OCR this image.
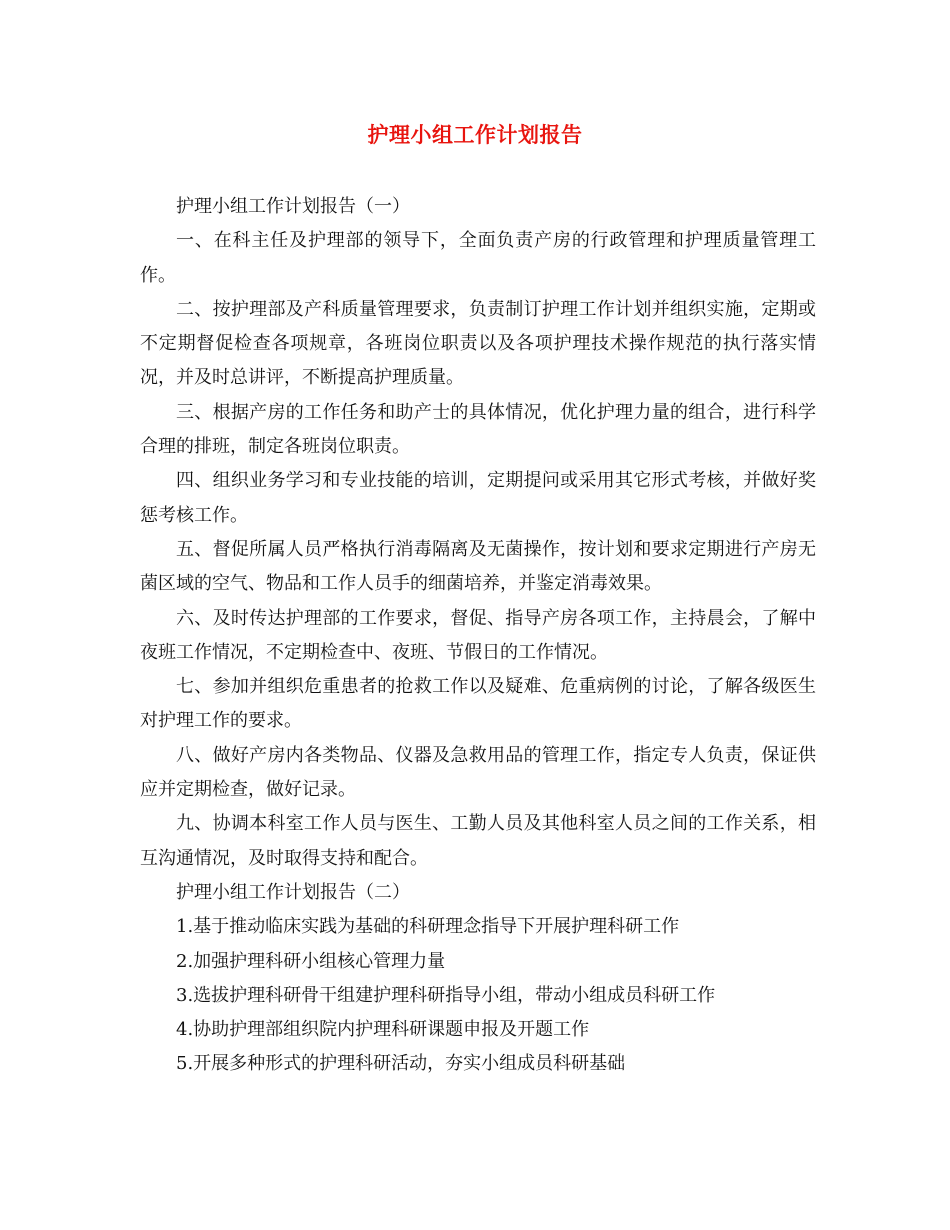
护理小组工作计划报告

护理小组工作计划报告（一）

一、在科主任及护理部的领导下，全面负责产房的行政管理和护理质量管理工作。

二、按护理部及产科质量管理要求，负责制订护理工作计划并组织实施，定期或不定期督促检查各项规章，各班岗位职责以及各项护理技术操作规范的执行落实情况，并及时总讲评，不断提高护理质量。

三、根据产房的工作任务和助产士的具体情况，优化护理力量的组合，进行科学合理的排班，制定各班岗位职责。

四、组织业务学习和专业技能的培训，定期提问或采用其它形式考核，并做好奖惩考核工作。

五、督促所属人员严格执行消毒隔离及无菌操作，按计划和要求定期进行产房无菌区域的空气、物品和工作人员手的细菌培养，并鉴定消毒效果。

六、及时传达护理部的工作要求，督促、指导产房各项工作，主持晨会，了解中夜班工作情况，不定期检查中、夜班、节假日的工作情况。

七、参加并组织危重患者的抢救工作以及疑难、危重病例的讨论，了解各级医生对护理工作的要求。

八、做好产房内各类物品、仪器及急救用品的管理工作，指定专人负责，保证供应并定期检查，做好记录。

九、协调本科室工作人员与医生、工勤人员及其他科室人员之间的工作关系，相互沟通情况，及时取得支持和配合。

护理小组工作计划报告（二）

1.基于推动临床实践为基础的科研理念指导下开展护理科研工作

2.加强护理科研小组核心管理力量

3.选拔护理科研骨干组建护理科研指导小组，带动小组成员科研工作

4.协助护理部组织院内护理科研课题申报及开题工作

5.开展多种形式的护理科研活动，夯实小组成员科研基础
